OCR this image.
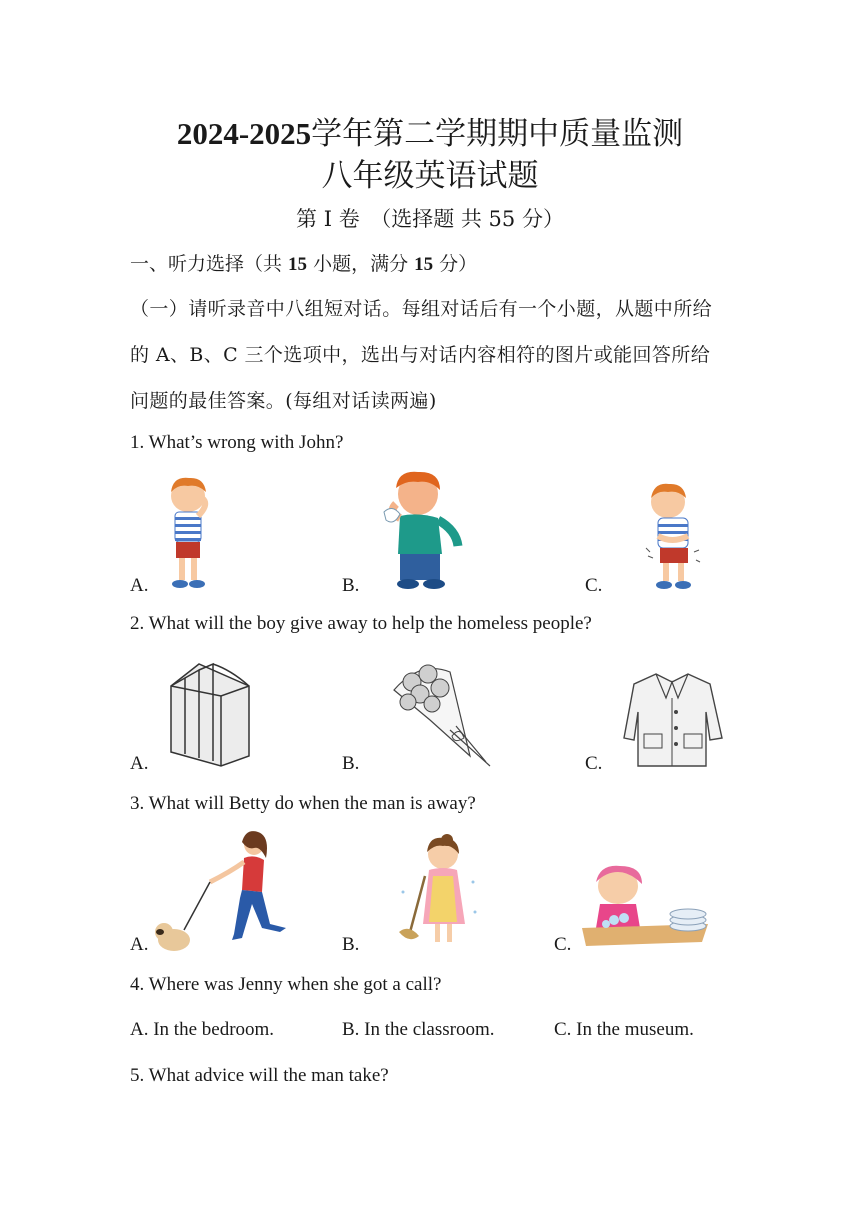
2024-2025学年第二学期期中质量监测
八年级英语试题
第 I 卷　（选择题 共 55 分）
一、听力选择（共 15 小题，满分 15 分）
（一）请听录音中八组短对话。每组对话后有一个小题，从题中所给
的 A、B、C 三个选项中，选出与对话内容相符的图片或能回答所给
问题的最佳答案。(每组对话读两遍)
1. What’s wrong with John?
A.	B.	C.
2. What will the boy give away to help the homeless people?
A.	B.	C.
3. What will Betty do when the man is away?
A.	B.	C.
4. Where was Jenny when she got a call?
A. In the bedroom.	B. In the classroom.	C. In the museum.
5. What advice will the man take?
